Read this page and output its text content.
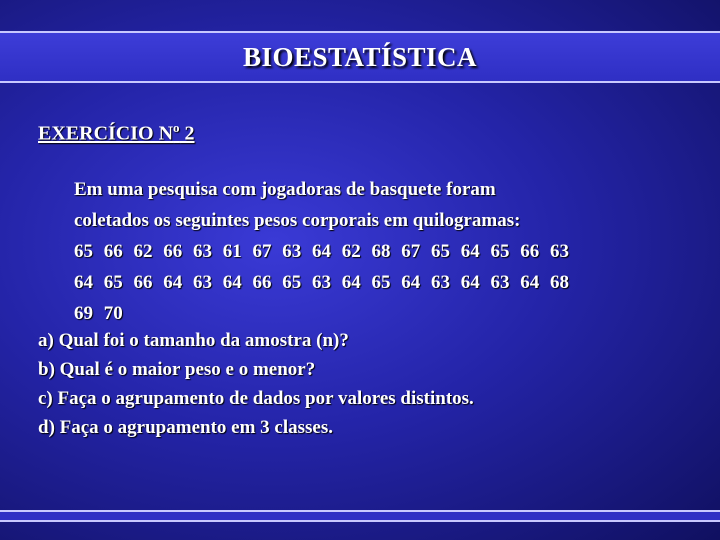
BIOESTATÍSTICA
EXERCÍCIO $N^o$ 2
Em uma pesquisa com jogadoras de basquete foram
coletados os seguintes pesos corporais em quilogramas:
65 66 62 66 63 61 67 63 64 62 68 67 65 64 65 66 63
64 65 66 64 63 64 66 65 63 64 65 64 63 64 63 64 68
69 70
a) Qual foi o tamanho da amostra (n)?
b) Qual é o maior peso e o menor?
c) Faça o agrupamento de dados por valores distintos.
d) Faça o agrupamento em 3 classes.
